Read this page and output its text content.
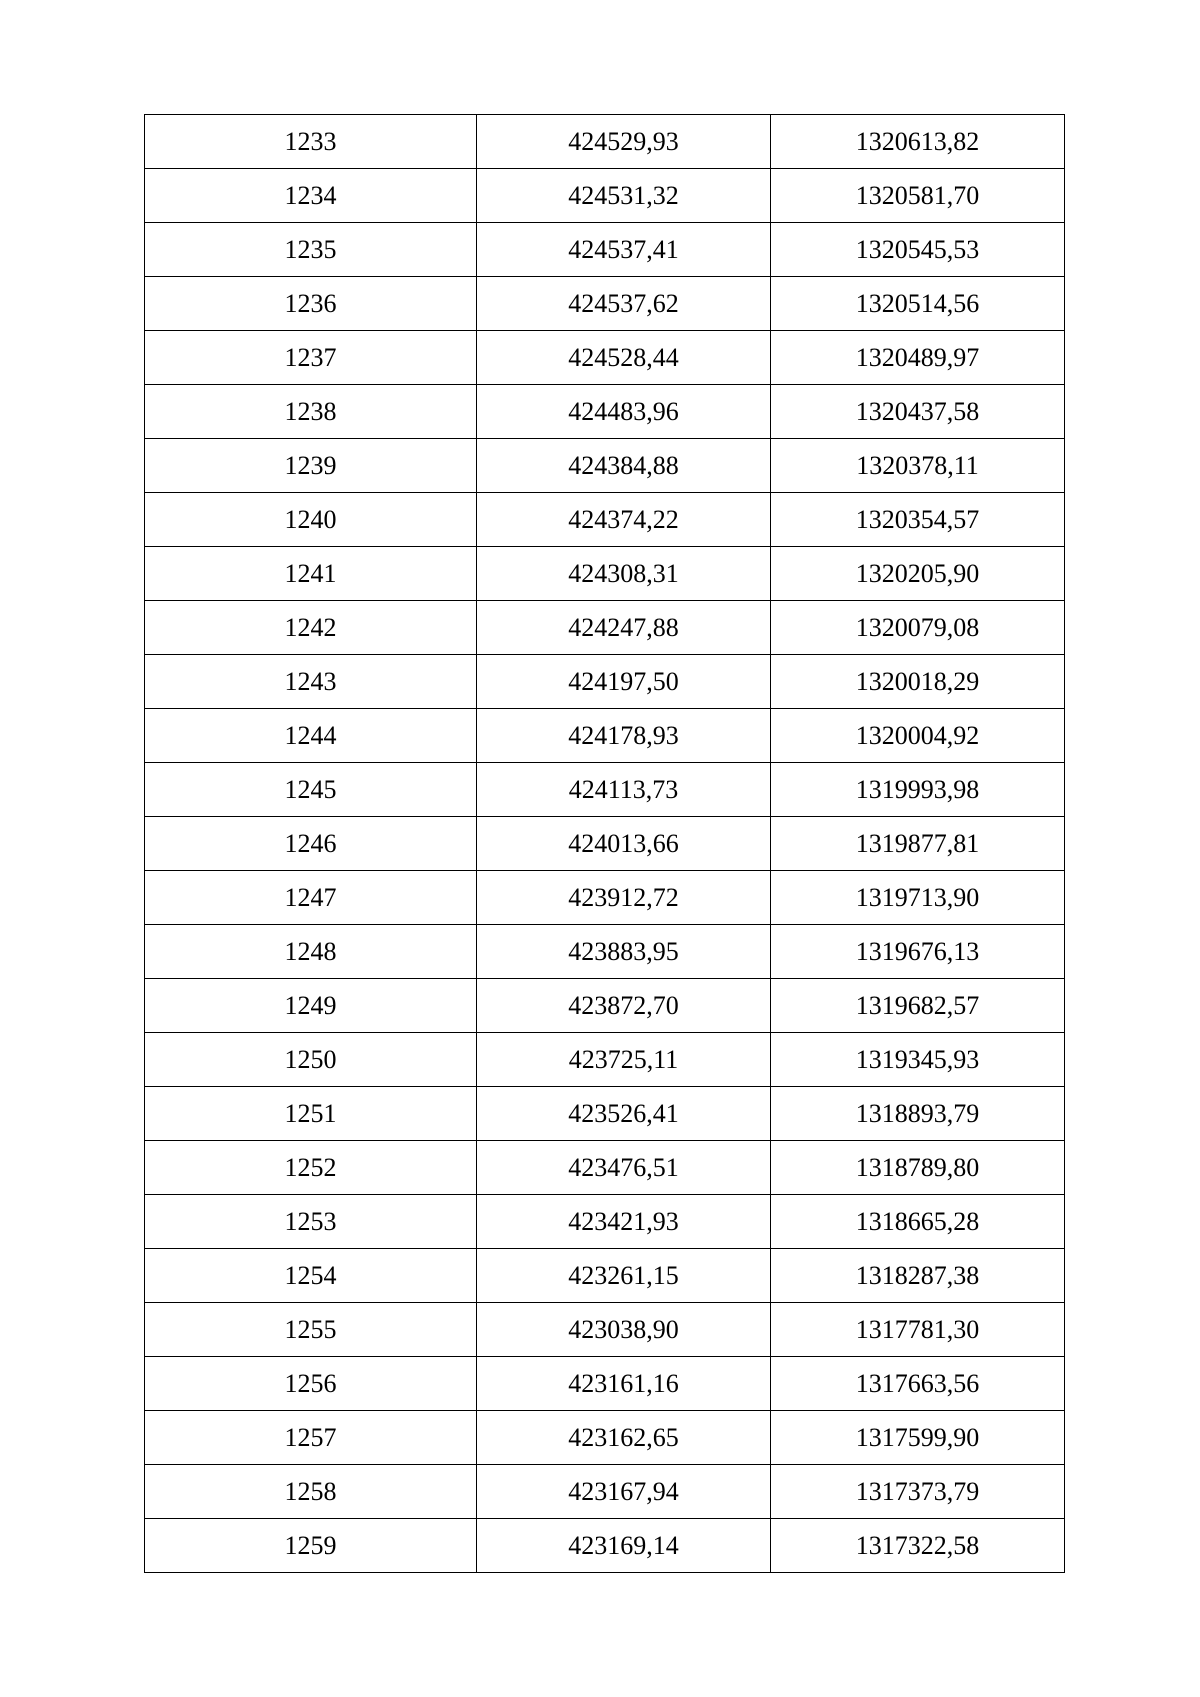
1233	424529,93	1320613,82
1234	424531,32	1320581,70
1235	424537,41	1320545,53
1236	424537,62	1320514,56
1237	424528,44	1320489,97
1238	424483,96	1320437,58
1239	424384,88	1320378,11
1240	424374,22	1320354,57
1241	424308,31	1320205,90
1242	424247,88	1320079,08
1243	424197,50	1320018,29
1244	424178,93	1320004,92
1245	424113,73	1319993,98
1246	424013,66	1319877,81
1247	423912,72	1319713,90
1248	423883,95	1319676,13
1249	423872,70	1319682,57
1250	423725,11	1319345,93
1251	423526,41	1318893,79
1252	423476,51	1318789,80
1253	423421,93	1318665,28
1254	423261,15	1318287,38
1255	423038,90	1317781,30
1256	423161,16	1317663,56
1257	423162,65	1317599,90
1258	423167,94	1317373,79
1259	423169,14	1317322,58
